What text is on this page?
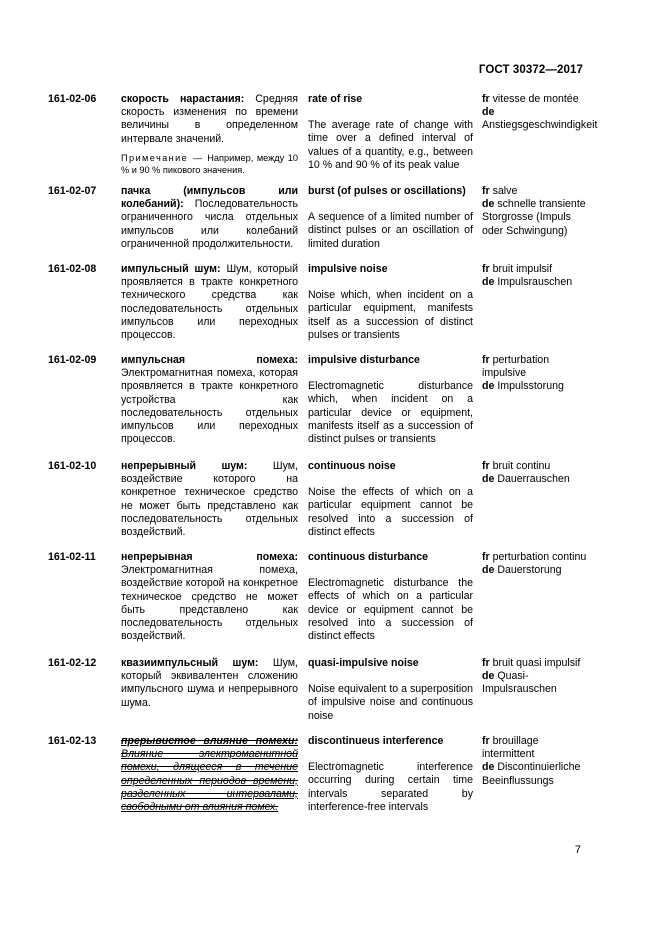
ГОСТ 30372—2017
161-02-06 скорость нарастания: Средняя скорость изменения по времени величины в определенном интервале значений.
Примечание — Например, между 10 % и 90 % пикового значения.
rate of rise
The average rate of change with time over a defined interval of values of a quantity, e.g., between 10 % and 90 % of its peak value
fr vitesse de montée
de Anstiegsgeschwindigkeit
161-02-07 пачка (импульсов или колебаний): Последовательность ограниченного числа отдельных импульсов или колебаний ограниченной продолжительности.
burst (of pulses or oscillations)
A sequence of a limited number of distinct pulses or an oscillation of limited duration
fr salve
de schnelle transiente Storgrosse (Impuls oder Schwingung)
161-02-08 импульсный шум: Шум, который проявляется в тракте конкретного технического средства как последовательность отдельных импульсов или переходных процессов.
impulsive noise
Noise which, when incident on a particular equipment, manifests itself as a succession of distinct pulses or transients
fr bruit impulsif
de Impulsrauschen
161-02-09 импульсная помеха: Электромагнитная помеха, которая проявляется в тракте конкретного устройства как последовательность отдельных импульсов или переходных процессов.
impulsive disturbance
Electromagnetic disturbance which, when incident on a particular device or equipment, manifests itself as a succession of distinct pulses or transients
fr perturbation impulsive
de Impulsstorung
161-02-10 непрерывный шум: Шум, воздействие которого на конкретное техническое средство не может быть представлено как последовательность отдельных воздействий.
continuous noise
Noise the effects of which on a particular equipment cannot be resolved into a succession of distinct effects
fr bruit continu
de Dauerrauschen
161-02-11 непрерывная помеха: Электромагнитная помеха, воздействие которой на конкретное техническое средство не может быть представлено как последовательность отдельных воздействий.
continuous disturbance
Electromagnetic disturbance the effects of which on a particular device or equipment cannot be resolved into a succession of distinct effects
fr perturbation continu
de Dauerstorung
161-02-12 квазиимпульсный шум: Шум, который эквивалентен сложению импульсного шума и непрерывного шума.
quasi-impulsive noise
Noise equivalent to a superposition of impulsive noise and continuous noise
fr bruit quasi impulsif
de Quasi-Impulsrauschen
161-02-13 прерывистое влияние помехи: Влияние электромагнитной помехи, длящееся в течение определенных периодов времени, разделенных интервалами, свободными от влияния помех.
discontinueus interference
Electromagnetic interference occurring during certain time intervals separated by interference-free intervals
fr brouillage intermittent
de Discontinuierliche Beeinflussungs
7
